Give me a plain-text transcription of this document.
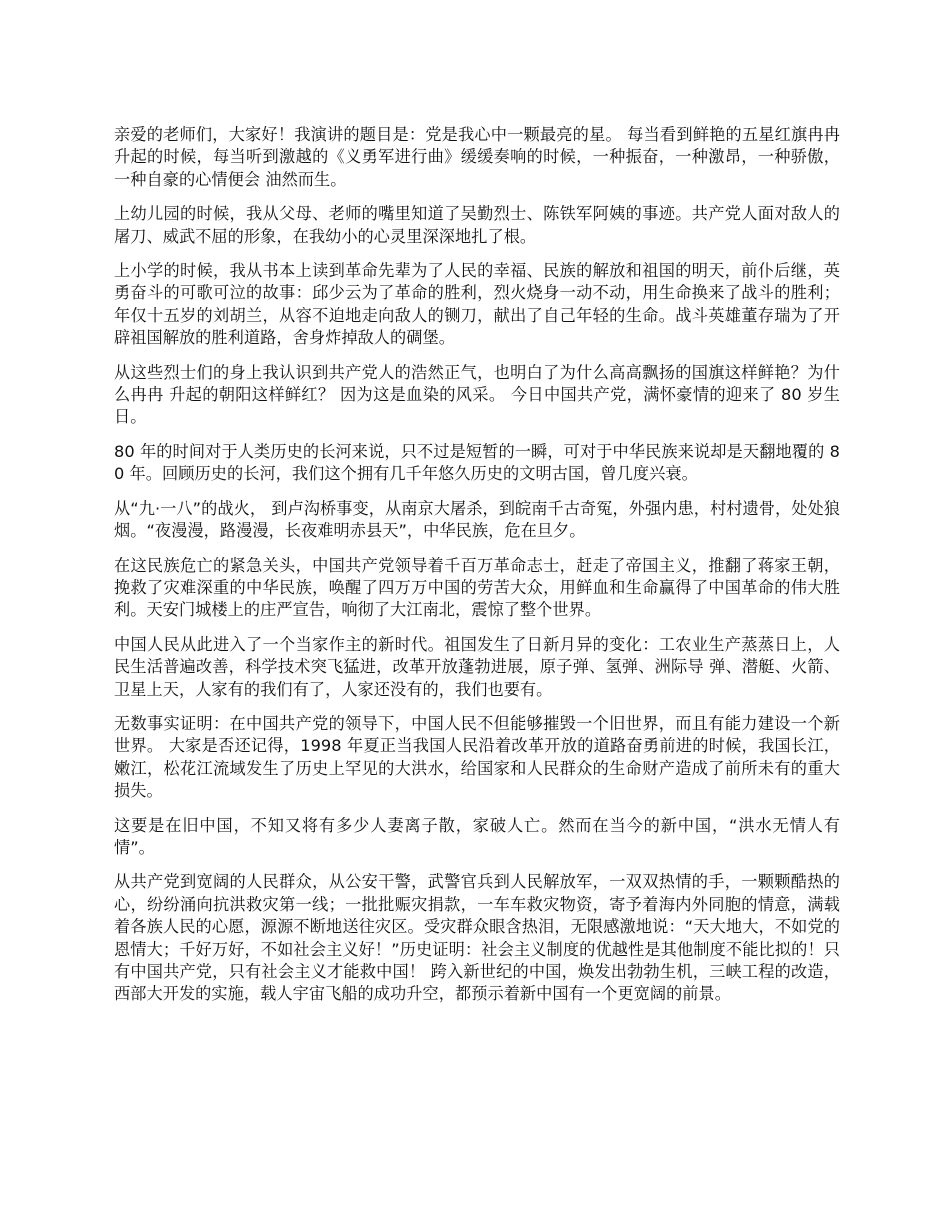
亲爱的老师们，大家好！我演讲的题目是：党是我心中一颗最亮的星。 每当看到鲜艳的五星红旗冉冉升起的时候，每当听到激越的《义勇军进行曲》缓缓奏响的时候，一种振奋，一种激昂，一种骄傲，一种自豪的心情便会 油然而生。

上幼儿园的时候，我从父母、老师的嘴里知道了吴勤烈士、陈铁军阿姨的事迹。共产党人面对敌人的屠刀、威武不屈的形象，在我幼小的心灵里深深地扎了根。

上小学的时候，我从书本上读到革命先辈为了人民的幸福、民族的解放和祖国的明天，前仆后继，英勇奋斗的可歌可泣的故事：邱少云为了革命的胜利，烈火烧身一动不动，用生命换来了战斗的胜利；年仅十五岁的刘胡兰，从容不迫地走向敌人的铡刀，献出了自己年轻的生命。战斗英雄董存瑞为了开辟祖国解放的胜利道路，舍身炸掉敌人的碉堡。

从这些烈士们的身上我认识到共产党人的浩然正气，也明白了为什么高高飘扬的国旗这样鲜艳？为什么冉冉 升起的朝阳这样鲜红？ 因为这是血染的风采。 今日中国共产党，满怀豪情的迎来了 80 岁生日。

80 年的时间对于人类历史的长河来说，只不过是短暂的一瞬，可对于中华民族来说却是天翻地覆的 80 年。回顾历史的长河，我们这个拥有几千年悠久历史的文明古国，曾几度兴衰。

从“九·一八”的战火， 到卢沟桥事变，从南京大屠杀，到皖南千古奇冤，外强内患，村村遗骨，处处狼烟。“夜漫漫，路漫漫，长夜难明赤县天”，中华民族，危在旦夕。

在这民族危亡的紧急关头，中国共产党领导着千百万革命志士，赶走了帝国主义，推翻了蒋家王朝，挽救了灾难深重的中华民族，唤醒了四万万中国的劳苦大众，用鲜血和生命赢得了中国革命的伟大胜利。天安门城楼上的庄严宣告，响彻了大江南北，震惊了整个世界。

中国人民从此进入了一个当家作主的新时代。祖国发生了日新月异的变化：工农业生产蒸蒸日上，人民生活普遍改善，科学技术突飞猛进，改革开放蓬勃进展，原子弹、氢弹、洲际导 弹、潜艇、火箭、卫星上天，人家有的我们有了，人家还没有的，我们也要有。

无数事实证明：在中国共产党的领导下，中国人民不但能够摧毁一个旧世界，而且有能力建设一个新世界。 大家是否还记得，1998 年夏正当我国人民沿着改革开放的道路奋勇前进的时候，我国长江，嫩江，松花江流域发生了历史上罕见的大洪水，给国家和人民群众的生命财产造成了前所未有的重大损失。

这要是在旧中国，不知又将有多少人妻离子散，家破人亡。然而在当今的新中国，“洪水无情人有情”。

从共产党到宽阔的人民群众，从公安干警，武警官兵到人民解放军，一双双热情的手，一颗颗酷热的心，纷纷涌向抗洪救灾第一线；一批批赈灾捐款，一车车救灾物资，寄予着海内外同胞的情意，满载着各族人民的心愿，源源不断地送往灾区。受灾群众眼含热泪，无限感激地说：“天大地大，不如党的恩情大；千好万好，不如社会主义好！”历史证明：社会主义制度的优越性是其他制度不能比拟的！只有中国共产党，只有社会主义才能救中国！ 跨入新世纪的中国，焕发出勃勃生机，三峡工程的改造，西部大开发的实施，载人宇宙飞船的成功升空，都预示着新中国有一个更宽阔的前景。
